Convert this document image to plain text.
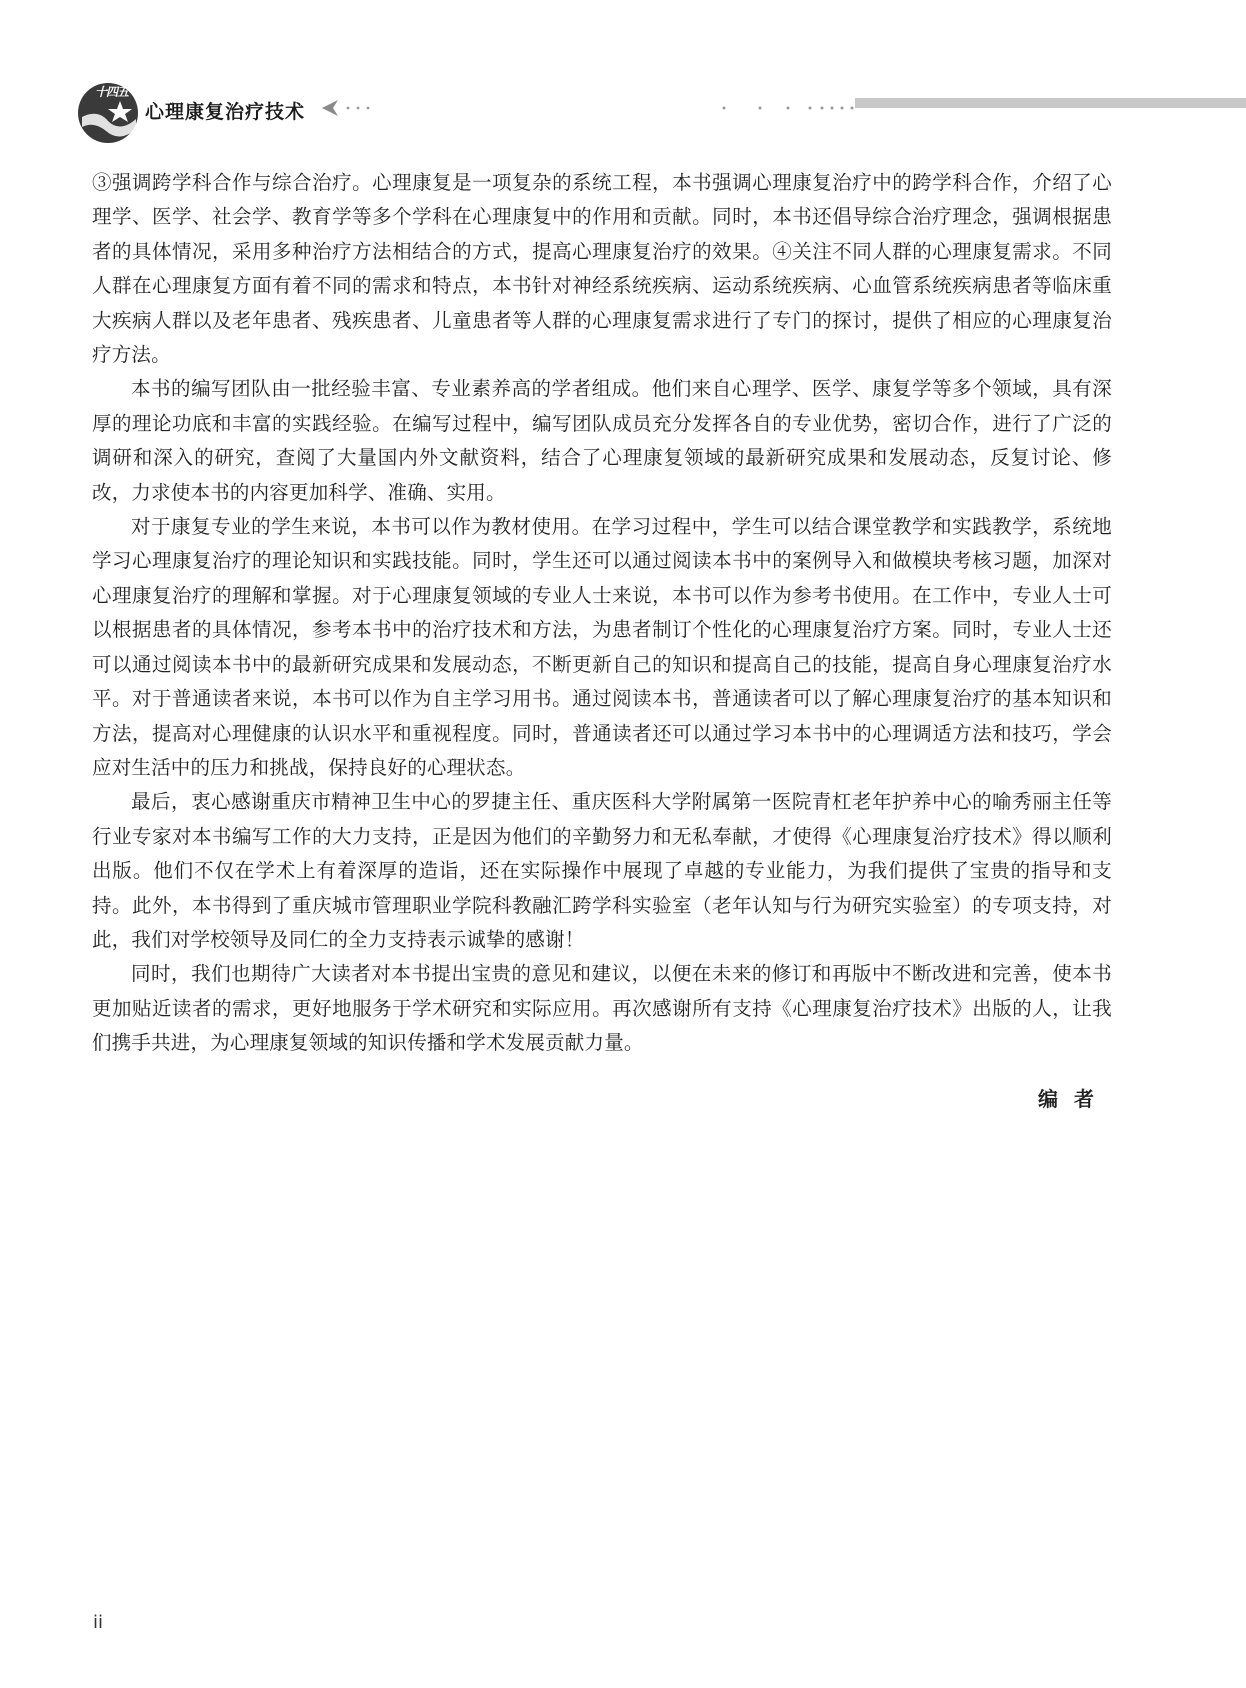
十四五
心理康复治疗技术

③强调跨学科合作与综合治疗。心理康复是一项复杂的系统工程，本书强调心理康复治疗中的跨学科合作，介绍了心理学、医学、社会学、教育学等多个学科在心理康复中的作用和贡献。同时，本书还倡导综合治疗理念，强调根据患者的具体情况，采用多种治疗方法相结合的方式，提高心理康复治疗的效果。④关注不同人群的心理康复需求。不同人群在心理康复方面有着不同的需求和特点，本书针对神经系统疾病、运动系统疾病、心血管系统疾病患者等临床重大疾病人群以及老年患者、残疾患者、儿童患者等人群的心理康复需求进行了专门的探讨，提供了相应的心理康复治疗方法。

本书的编写团队由一批经验丰富、专业素养高的学者组成。他们来自心理学、医学、康复学等多个领域，具有深厚的理论功底和丰富的实践经验。在编写过程中，编写团队成员充分发挥各自的专业优势，密切合作，进行了广泛的调研和深入的研究，查阅了大量国内外文献资料，结合了心理康复领域的最新研究成果和发展动态，反复讨论、修改，力求使本书的内容更加科学、准确、实用。

对于康复专业的学生来说，本书可以作为教材使用。在学习过程中，学生可以结合课堂教学和实践教学，系统地学习心理康复治疗的理论知识和实践技能。同时，学生还可以通过阅读本书中的案例导入和做模块考核习题，加深对心理康复治疗的理解和掌握。对于心理康复领域的专业人士来说，本书可以作为参考书使用。在工作中，专业人士可以根据患者的具体情况，参考本书中的治疗技术和方法，为患者制订个性化的心理康复治疗方案。同时，专业人士还可以通过阅读本书中的最新研究成果和发展动态，不断更新自己的知识和提高自己的技能，提高自身心理康复治疗水平。对于普通读者来说，本书可以作为自主学习用书。通过阅读本书，普通读者可以了解心理康复治疗的基本知识和方法，提高对心理健康的认识水平和重视程度。同时，普通读者还可以通过学习本书中的心理调适方法和技巧，学会应对生活中的压力和挑战，保持良好的心理状态。

最后，衷心感谢重庆市精神卫生中心的罗捷主任、重庆医科大学附属第一医院青杠老年护养中心的喻秀丽主任等行业专家对本书编写工作的大力支持，正是因为他们的辛勤努力和无私奉献，才使得《心理康复治疗技术》得以顺利出版。他们不仅在学术上有着深厚的造诣，还在实际操作中展现了卓越的专业能力，为我们提供了宝贵的指导和支持。此外，本书得到了重庆城市管理职业学院科教融汇跨学科实验室（老年认知与行为研究实验室）的专项支持，对此，我们对学校领导及同仁的全力支持表示诚挚的感谢！

同时，我们也期待广大读者对本书提出宝贵的意见和建议，以便在未来的修订和再版中不断改进和完善，使本书更加贴近读者的需求，更好地服务于学术研究和实际应用。再次感谢所有支持《心理康复治疗技术》出版的人，让我们携手共进，为心理康复领域的知识传播和学术发展贡献力量。

编者
ii
